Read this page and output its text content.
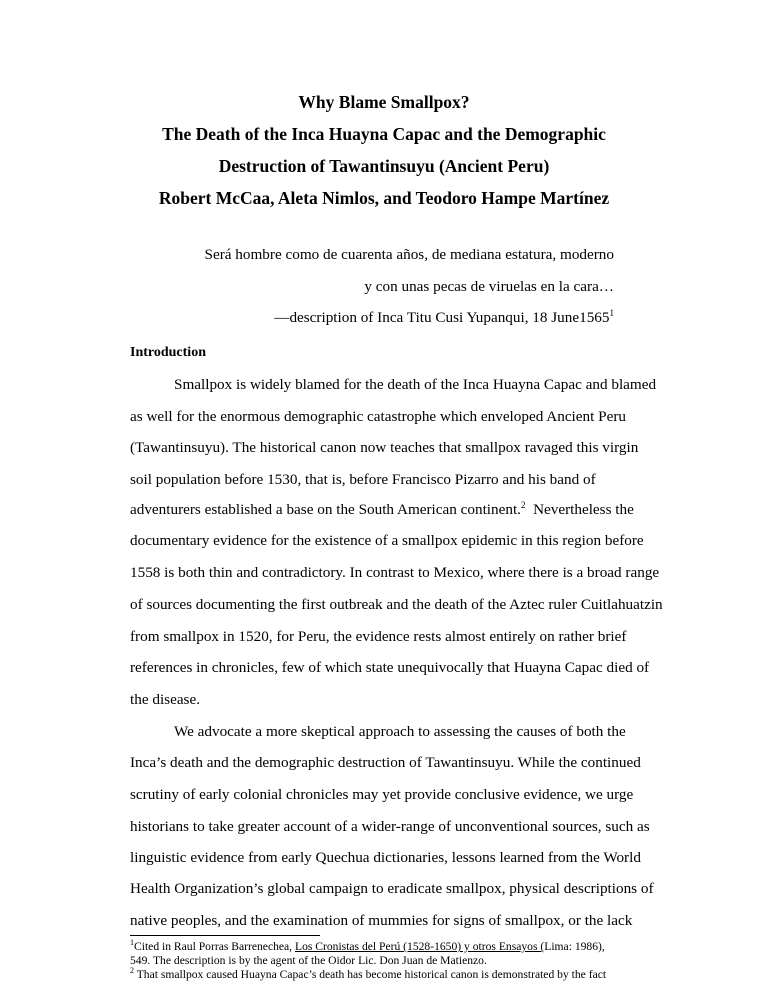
Why Blame Smallpox?
The Death of the Inca Huayna Capac and the Demographic
Destruction of Tawantinsuyu (Ancient Peru)
Robert McCaa, Aleta Nimlos, and Teodoro Hampe Martínez
Será hombre como de cuarenta años, de mediana estatura, moderno
y con unas pecas de viruelas en la cara…
—description of Inca Titu Cusi Yupanqui, 18 June1565$^1$
Introduction
Smallpox is widely blamed for the death of the Inca Huayna Capac and blamed
as well for the enormous demographic catastrophe which enveloped Ancient Peru
(Tawantinsuyu). The historical canon now teaches that smallpox ravaged this virgin
soil population before 1530, that is, before Francisco Pizarro and his band of
adventurers established a base on the South American continent.$^2$  Nevertheless the
documentary evidence for the existence of a smallpox epidemic in this region before
1558 is both thin and contradictory. In contrast to Mexico, where there is a broad range
of sources documenting the first outbreak and the death of the Aztec ruler Cuitlahuatzin
from smallpox in 1520, for Peru, the evidence rests almost entirely on rather brief
references in chronicles, few of which state unequivocally that Huayna Capac died of
the disease.
We advocate a more skeptical approach to assessing the causes of both the
Inca’s death and the demographic destruction of Tawantinsuyu. While the continued
scrutiny of early colonial chronicles may yet provide conclusive evidence, we urge
historians to take greater account of a wider-range of unconventional sources, such as
linguistic evidence from early Quechua dictionaries, lessons learned from the World
Health Organization’s global campaign to eradicate smallpox, physical descriptions of
native peoples, and the examination of mummies for signs of smallpox, or the lack
$^1$Cited in Raul Porras Barrenechea, Los Cronistas del Perú (1528-1650) y otros Ensayos (Lima: 1986),
549. The description is by the agent of the Oidor Lic. Don Juan de Matienzo.
$^2$ That smallpox caused Huayna Capac’s death has become historical canon is demonstrated by the fact
